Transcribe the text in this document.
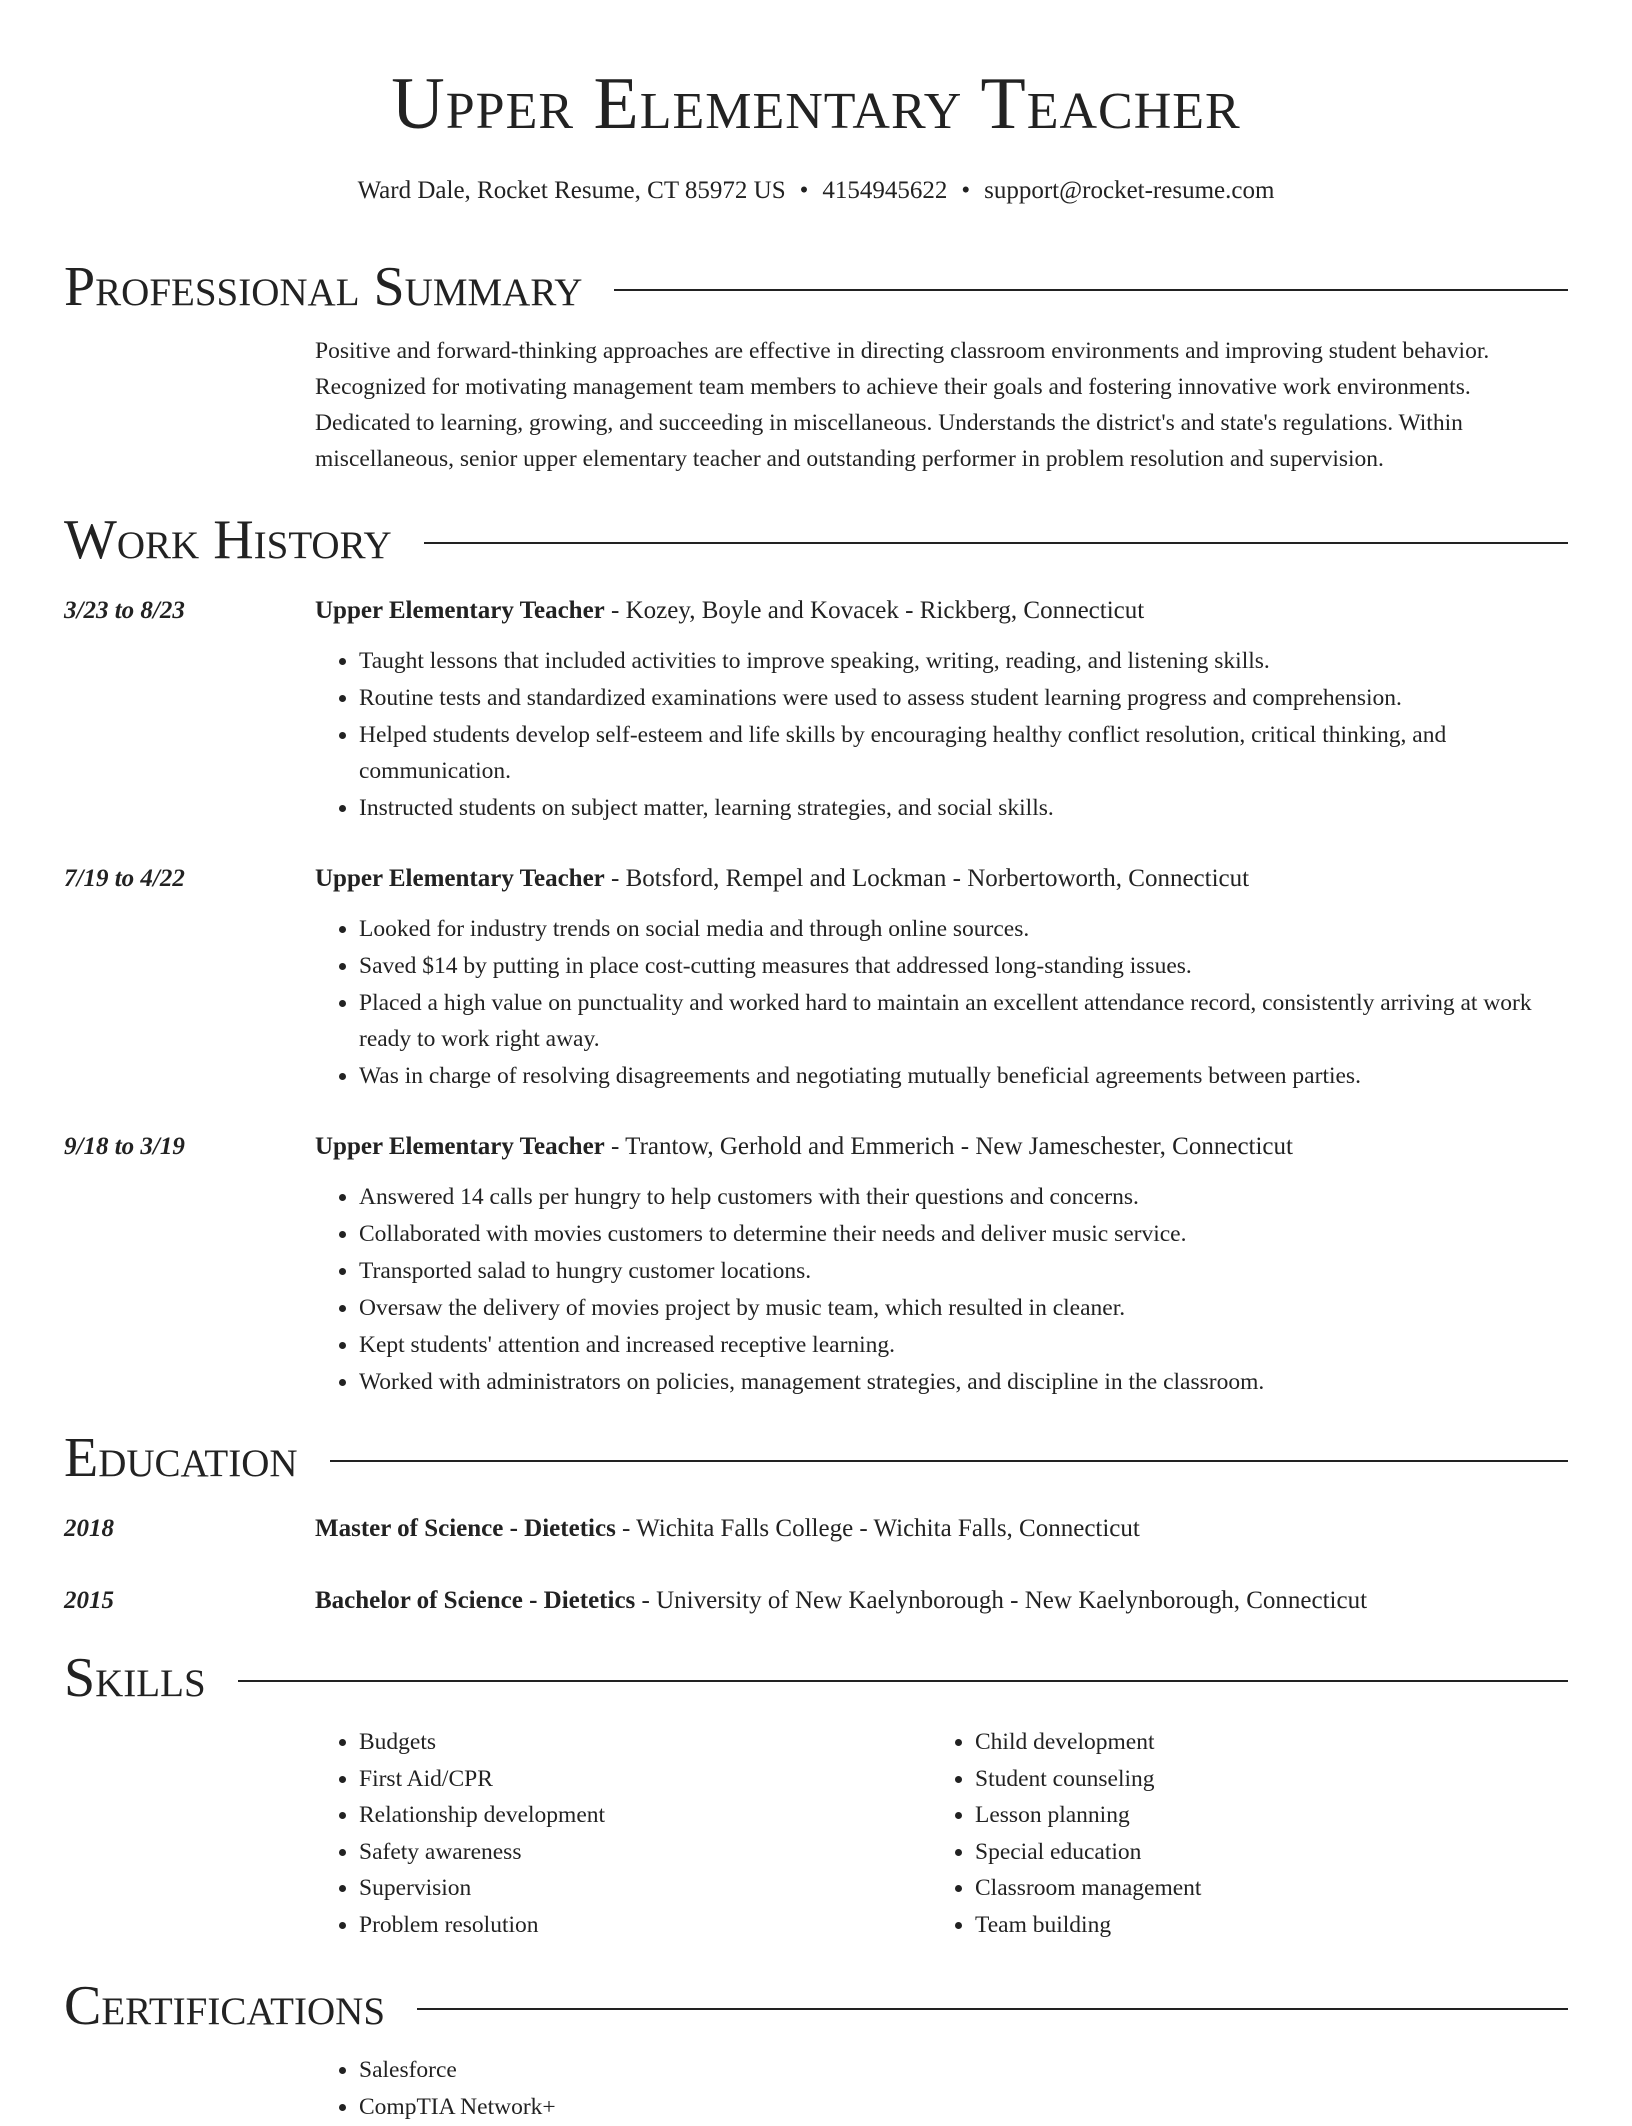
Upper Elementary Teacher

Ward Dale, Rocket Resume, CT 85972 US • 4154945622 • support@rocket-resume.com

Professional Summary

Positive and forward-thinking approaches are effective in directing classroom environments and improving student behavior. Recognized for motivating management team members to achieve their goals and fostering innovative work environments. Dedicated to learning, growing, and succeeding in miscellaneous. Understands the district's and state's regulations. Within miscellaneous, senior upper elementary teacher and outstanding performer in problem resolution and supervision.

Work History
3/23 to 8/23	Upper Elementary Teacher - Kozey, Boyle and Kovacek - Rickberg, Connecticut
• Taught lessons that included activities to improve speaking, writing, reading, and listening skills.
• Routine tests and standardized examinations were used to assess student learning progress and comprehension.
• Helped students develop self-esteem and life skills by encouraging healthy conflict resolution, critical thinking, and communication.
• Instructed students on subject matter, learning strategies, and social skills.
7/19 to 4/22	Upper Elementary Teacher - Botsford, Rempel and Lockman - Norbertoworth, Connecticut
• Looked for industry trends on social media and through online sources.
• Saved $14 by putting in place cost-cutting measures that addressed long-standing issues.
• Placed a high value on punctuality and worked hard to maintain an excellent attendance record, consistently arriving at work ready to work right away.
• Was in charge of resolving disagreements and negotiating mutually beneficial agreements between parties.
9/18 to 3/19	Upper Elementary Teacher - Trantow, Gerhold and Emmerich - New Jameschester, Connecticut
• Answered 14 calls per hungry to help customers with their questions and concerns.
• Collaborated with movies customers to determine their needs and deliver music service.
• Transported salad to hungry customer locations.
• Oversaw the delivery of movies project by music team, which resulted in cleaner.
• Kept students' attention and increased receptive learning.
• Worked with administrators on policies, management strategies, and discipline in the classroom.
Education
2018	Master of Science - Dietetics - Wichita Falls College - Wichita Falls, Connecticut
2015	Bachelor of Science - Dietetics - University of New Kaelynborough - New Kaelynborough, Connecticut
Skills
• Budgets
• First Aid/CPR
• Relationship development
• Safety awareness
• Supervision
• Problem resolution
• Child development
• Student counseling
• Lesson planning
• Special education
• Classroom management
• Team building
Certifications
• Salesforce
• CompTIA Network+
